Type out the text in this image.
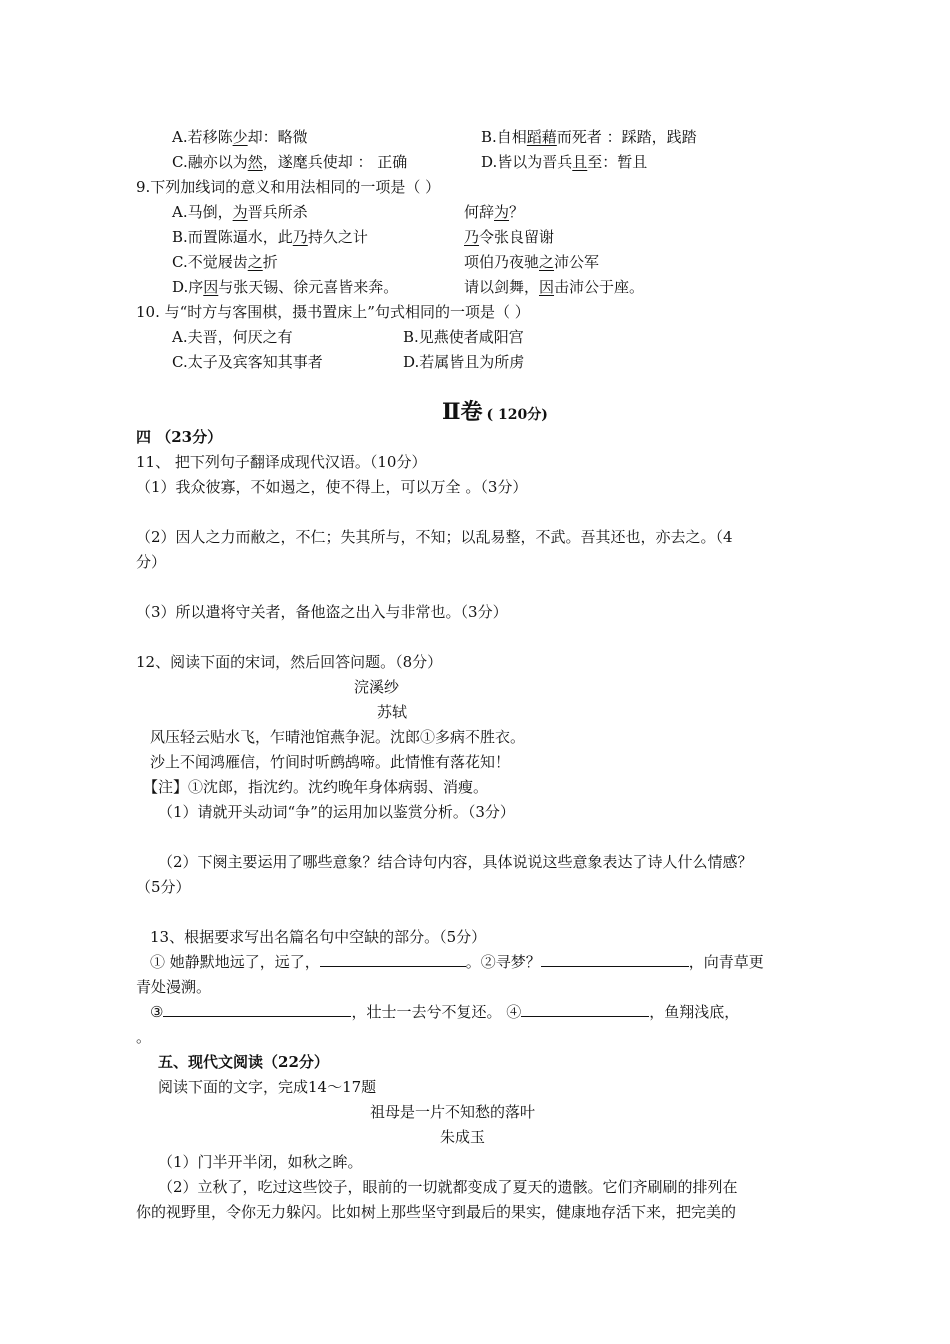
A.若移陈少却：略微	B.自相蹈藉而死者 ：踩踏，践踏
C.融亦以为然，遂麾兵使却 ： 正确	D.皆以为晋兵且至：暂且
9.下列加线词的意义和用法相同的一项是（ ）
A.马倒，为晋兵所杀	何辞为？
B.而置陈逼水，此乃持久之计	乃令张良留谢
C.不觉屐齿之折	项伯乃夜驰之沛公军
D.序因与张天锡、徐元喜皆来奔。	请以剑舞，因击沛公于座。
10. 与“时方与客围棋，摄书置床上”句式相同的一项是（ ）
A.夫晋，何厌之有	B.见燕使者咸阳宫
C.太子及宾客知其事者	D.若属皆且为所虏
Ⅱ卷 ( 120分)
四 （23分）
11、 把下列句子翻译成现代汉语。（10分）
（1）我众彼寡，不如遏之，使不得上，可以万全 。（3分）
（2）因人之力而敝之，不仁；失其所与，不知；以乱易整，不武。吾其还也，亦去之。（4
分）
（3）所以遣将守关者，备他盗之出入与非常也。（3分）
12、阅读下面的宋词，然后回答问题。（8分）
浣溪纱
苏轼
风压轻云贴水飞，乍晴池馆燕争泥。沈郎①多病不胜衣。
沙上不闻鸿雁信，竹间时听鹧鸪啼。此情惟有落花知！
【注】①沈郎，指沈约。沈约晚年身体病弱、消瘦。
（1）请就开头动词“争”的运用加以鉴赏分析。（3分）
（2）下阕主要运用了哪些意象？结合诗句内容，具体说说这些意象表达了诗人什么情感？
（5分）
13、根据要求写出名篇名句中空缺的部分。（5分）
① 她静默地远了，远了，	。②寻梦？	，向青草更
青处漫溯。
③	，壮士一去兮不复还。 ④	，鱼翔浅底，
。
五、现代文阅读（22分）
阅读下面的文字，完成14～17题
祖母是一片不知愁的落叶
朱成玉
（1）门半开半闭，如秋之眸。
（2）立秋了，吃过这些饺子，眼前的一切就都变成了夏天的遗骸。它们齐刷刷的排列在
你的视野里，令你无力躲闪。比如树上那些坚守到最后的果实，健康地存活下来，把完美的
